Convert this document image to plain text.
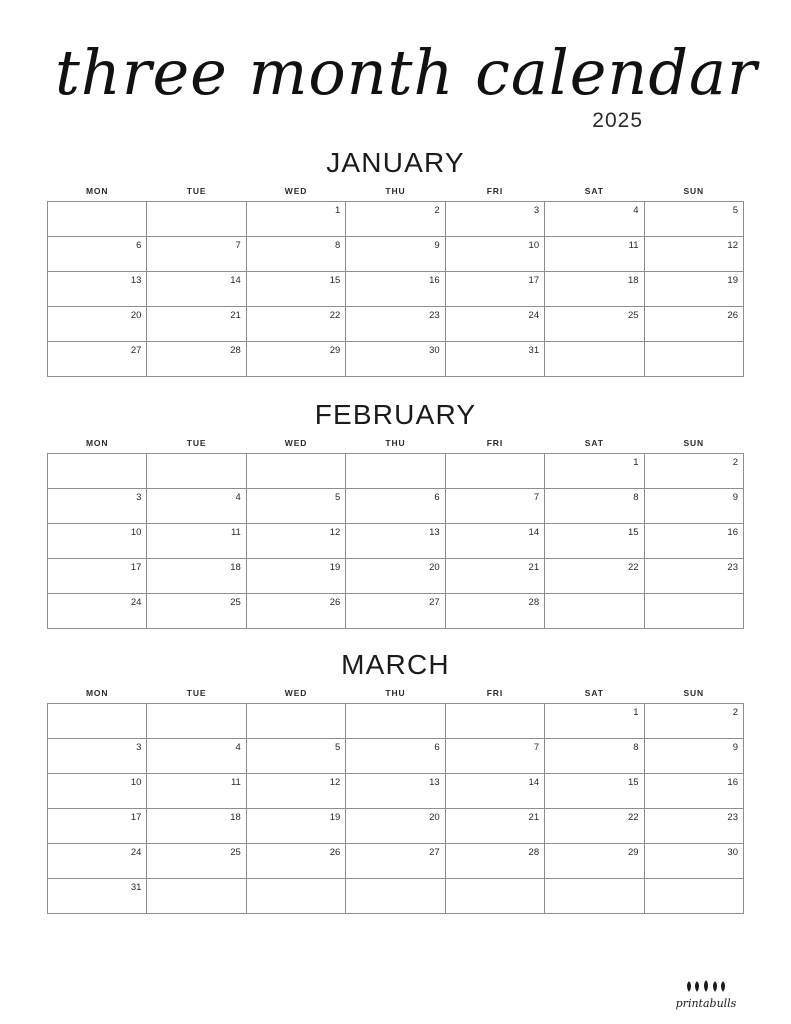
three month calendar
2025
JANUARY
MON	TUE	WED	THU	FRI	SAT	SUN
		1	2	3	4	5
6	7	8	9	10	11	12
13	14	15	16	17	18	19
20	21	22	23	24	25	26
27	28	29	30	31		
FEBRUARY
MON	TUE	WED	THU	FRI	SAT	SUN
					1	2
3	4	5	6	7	8	9
10	11	12	13	14	15	16
17	18	19	20	21	22	23
24	25	26	27	28		
MARCH
MON	TUE	WED	THU	FRI	SAT	SUN
					1	2
3	4	5	6	7	8	9
10	11	12	13	14	15	16
17	18	19	20	21	22	23
24	25	26	27	28	29	30
31						
printabulls
